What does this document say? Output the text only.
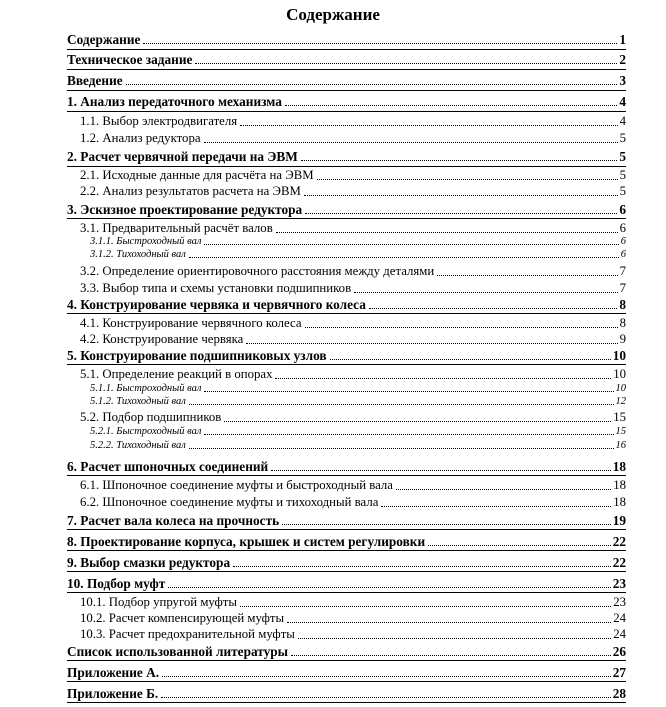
Содержание
Содержание	1
Техническое задание	2
Введение	3
1. Анализ передаточного механизма	4
1.1. Выбор электродвигателя	4
1.2. Анализ редуктора	5
2. Расчет червячной передачи на ЭВМ	5
2.1. Исходные данные для расчёта на ЭВМ	5
2.2. Анализ результатов расчета на ЭВМ	5
3. Эскизное проектирование редуктора	6
3.1. Предварительный расчёт валов	6
3.1.1. Быстроходный вал	6
3.1.2. Тихоходный вал	6
3.2. Определение ориентировочного расстояния между деталями	7
3.3. Выбор типа и схемы установки подшипников	7
4. Конструирование червяка и червячного колеса	8
4.1. Конструирование червячного колеса	8
4.2. Конструирование червяка	9
5. Конструирование подшипниковых узлов	10
5.1. Определение реакций в опорах	10
5.1.1. Быстроходный вал	10
5.1.2. Тихоходный вал	12
5.2. Подбор подшипников	15
5.2.1. Быстроходный вал	15
5.2.2. Тихоходный вал	16
6. Расчет шпоночных соединений	18
6.1. Шпоночное соединение муфты и быстроходный вала	18
6.2. Шпоночное соединение муфты и тихоходный вала	18
7. Расчет вала колеса на прочность	19
8. Проектирование корпуса, крышек и систем регулировки	22
9. Выбор смазки редуктора	22
10. Подбор муфт	23
10.1. Подбор упругой муфты	23
10.2. Расчет компенсирующей муфты	24
10.3. Расчет предохранительной муфты	24
Список использованной литературы	26
Приложение А.	27
Приложение Б.	28
